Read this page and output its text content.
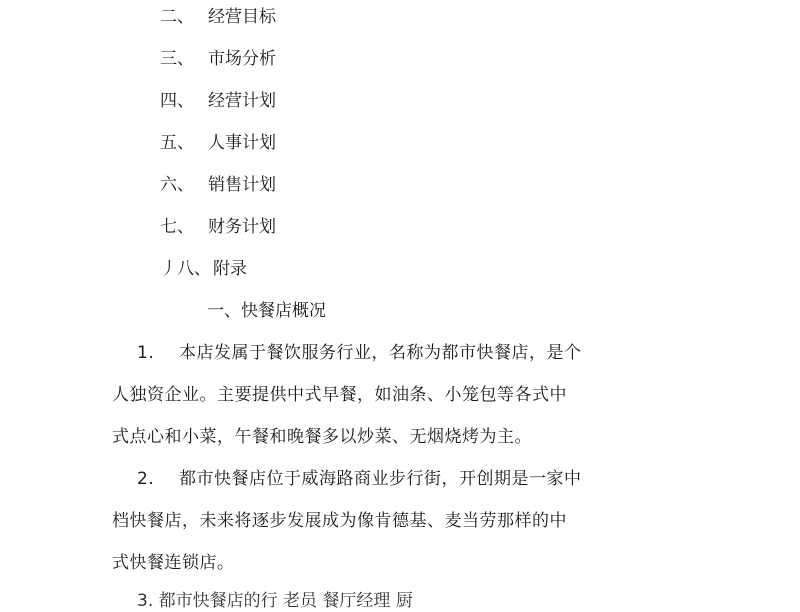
二、 经营目标
三、 市场分析
四、 经营计划
五、 人事计划
六、 销售计划
七、 财务计划
丿八、 附录
一、快餐店概况
1. 本店发属于餐饮服务行业，名称为都市快餐店，是个
人独资企业。主要提供中式早餐，如油条、小笼包等各式中
式点心和小菜，午餐和晚餐多以炒菜、无烟烧烤为主。
2. 都市快餐店位于威海路商业步行街，开创期是一家中
档快餐店，未来将逐步发展成为像肯德基、麦当劳那样的中
式快餐连锁店。
3. 都市快餐店的行 老员 餐厅经理 厨
